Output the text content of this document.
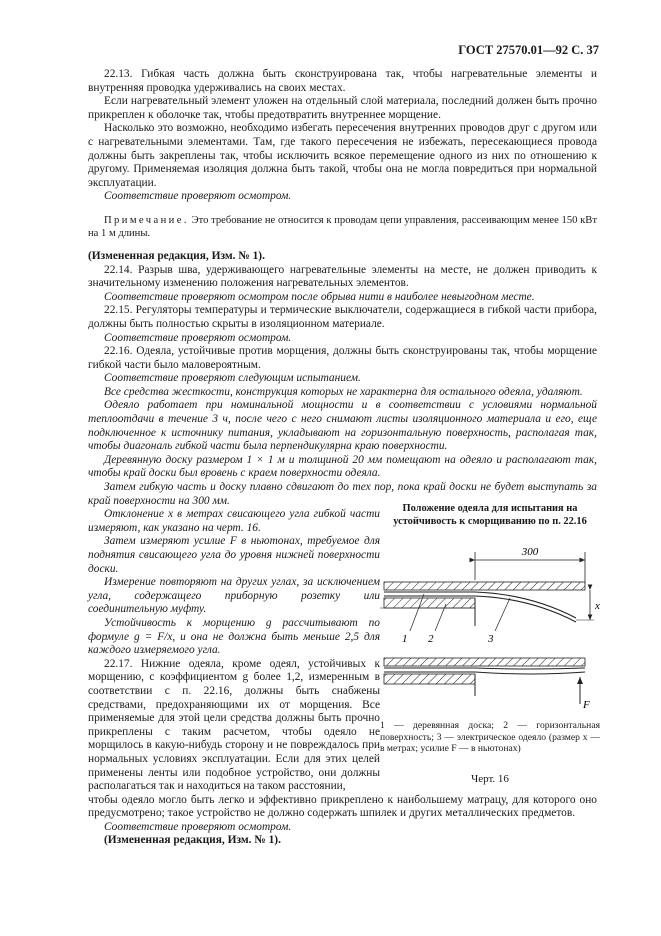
ГОСТ 27570.01—92 С. 37

22.13. Гибкая часть должна быть сконструирована так, чтобы нагревательные элементы и внутренняя проводка удерживались на своих местах.

Если нагревательный элемент уложен на отдельный слой материала, последний должен быть прочно прикреплен к оболочке так, чтобы предотвратить внутреннее морщение.

Насколько это возможно, необходимо избегать пересечения внутренних проводов друг с другом или с нагревательными элементами. Там, где такого пересечения не избежать, пересекающиеся провода должны быть закреплены так, чтобы исключить всякое перемещение одного из них по отношению к другому. Применяемая изоляция должна быть такой, чтобы она не могла повредиться при нормальной эксплуатации.

Соответствие проверяют осмотром.

Примечание. Это требование не относится к проводам цепи управления, рассеивающим менее 150 кВт на 1 м длины.

(Измененная редакция, Изм. № 1).

22.14. Разрыв шва, удерживающего нагревательные элементы на месте, не должен приводить к значительному изменению положения нагревательных элементов.

Соответствие проверяют осмотром после обрыва нити в наиболее невыгодном месте.

22.15. Регуляторы температуры и термические выключатели, содержащиеся в гибкой части прибора, должны быть полностью скрыты в изоляционном материале.

Соответствие проверяют осмотром.

22.16. Одеяла, устойчивые против морщения, должны быть сконструированы так, чтобы морщение гибкой части было маловероятным.

Соответствие проверяют следующим испытанием.

Все средства жесткости, конструкция которых не характерна для остального одеяла, удаляют.

Одеяло работает при номинальной мощности и в соответствии с условиями нормальной теплоотдачи в течение 3 ч, после чего с него снимают листы изоляционного материала и его, еще подключенное к источнику питания, укладывают на горизонтальную поверхность, располагая так, чтобы диагональ гибкой части была перпендикулярна краю поверхности.

Деревянную доску размером 1 × 1 м и толщиной 20 мм помещают на одеяло и располагают так, чтобы край доски был вровень с краем поверхности одеяла.

Затем гибкую часть и доску плавно сдвигают до тех пор, пока край доски не будет выступать за край поверхности на 300 мм.

Отклонение x в метрах свисающего угла гибкой части измеряют, как указано на черт. 16.

Затем измеряют усилие F в ньютонах, требуемое для поднятия свисающего угла до уровня нижней поверхности доски.

Измерение повторяют на других углах, за исключением угла, содержащего приборную розетку или соединительную муфту.

Устойчивость к морщению g рассчитывают по формуле g = F/x, и она не должна быть меньше 2,5 для каждого измеряемого угла.

22.17. Нижние одеяла, кроме одеял, устойчивых к морщению, с коэффициентом g более 1,2, измеренным в соответствии с п. 22.16, должны быть снабжены средствами, предохраняющими их от морщения. Все применяемые для этой цели средства должны быть прочно прикреплены с таким расчетом, чтобы одеяло не морщилось в какую-нибудь сторону и не повреждалось при нормальных условиях эксплуатации. Если для этих целей применены ленты или подобное устройство, они должны располагаться так и находиться на таком расстоянии,

чтобы одеяло могло быть легко и эффективно прикреплено к наибольшему матрацу, для которого оно предусмотрено; такое устройство не должно содержать шпилек и других металлических предметов.

Соответствие проверяют осмотром.

(Измененная редакция, Изм. № 1).

Положение одеяла для испытания на устойчивость к сморщиванию по п. 22.16
300
x
1 2	3
F
1 — деревянная доска; 2 — горизонтальная поверхность; 3 — электрическое одеяло (размер x — в метрах; усилие F — в ньютонах)
Черт. 16
